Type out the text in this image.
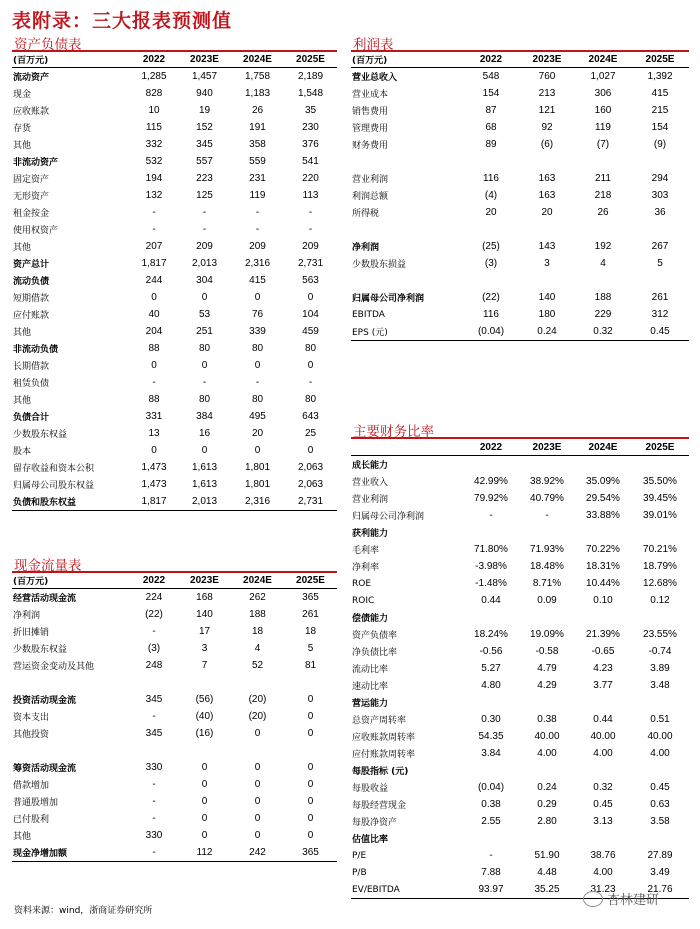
表附录：三大报表预测值
资产负债表
(百万元)	2022	2023E	2024E	2025E
流动资产	1,285	1,457	1,758	2,189
现金	828	940	1,183	1,548
应收账款	10	19	26	35
存货	115	152	191	230
其他	332	345	358	376
非流动资产	532	557	559	541
固定资产	194	223	231	220
无形资产	132	125	119	113
租金按金	-	-	-	-
使用权资产	-	-	-	-
其他	207	209	209	209
资产总计	1,817	2,013	2,316	2,731
流动负债	244	304	415	563
短期借款	0	0	0	0
应付账款	40	53	76	104
其他	204	251	339	459
非流动负债	88	80	80	80
长期借款	0	0	0	0
租赁负债	-	-	-	-
其他	88	80	80	80
负债合计	331	384	495	643
少数股东权益	13	16	20	25
股本	0	0	0	0
留存收益和资本公积	1,473	1,613	1,801	2,063
归属母公司股东权益	1,473	1,613	1,801	2,063
负债和股东权益	1,817	2,013	2,316	2,731
利润表
(百万元)	2022	2023E	2024E	2025E
营业总收入	548	760	1,027	1,392
营业成本	154	213	306	415
销售费用	87	121	160	215
管理费用	68	92	119	154
财务费用	89	(6)	(7)	(9)

营业利润	116	163	211	294
利润总额	(4)	163	218	303
所得税	20	20	26	36

净利润	(25)	143	192	267
少数股东损益	(3)	3	4	5

归属母公司净利润	(22)	140	188	261
EBITDA	116	180	229	312
EPS (元)	(0.04)	0.24	0.32	0.45
主要财务比率
	2022	2023E	2024E	2025E
成长能力				
营业收入	42.99%	38.92%	35.09%	35.50%
营业利润	79.92%	40.79%	29.54%	39.45%
归属母公司净利润	-	-	33.88%	39.01%
获利能力				
毛利率	71.80%	71.93%	70.22%	70.21%
净利率	-3.98%	18.48%	18.31%	18.79%
ROE	-1.48%	8.71%	10.44%	12.68%
ROIC	0.44	0.09	0.10	0.12
偿债能力				
资产负债率	18.24%	19.09%	21.39%	23.55%
净负债比率	-0.56	-0.58	-0.65	-0.74
流动比率	5.27	4.79	4.23	3.89
速动比率	4.80	4.29	3.77	3.48
营运能力				
总资产周转率	0.30	0.38	0.44	0.51
应收账款周转率	54.35	40.00	40.00	40.00
应付账款周转率	3.84	4.00	4.00	4.00
每股指标 (元)				
每股收益	(0.04)	0.24	0.32	0.45
每股经营现金	0.38	0.29	0.45	0.63
每股净资产	2.55	2.80	3.13	3.58
估值比率				
P/E	-	51.90	38.76	27.89
P/B	7.88	4.48	4.00	3.49
EV/EBITDA	93.97	35.25	31.23	21.76
现金流量表
(百万元)	2022	2023E	2024E	2025E
经营活动现金流	224	168	262	365
净利润	(22)	140	188	261
折旧摊销	-	17	18	18
少数股东权益	(3)	3	4	5
营运资金变动及其他	248	7	52	81

投资活动现金流	345	(56)	(20)	0
资本支出	-	(40)	(20)	0
其他投资	345	(16)	0	0

筹资活动现金流	330	0	0	0
借款增加	-	0	0	0
普通股增加	-	0	0	0
已付股利	-	0	0	0
其他	330	0	0	0
现金净增加额	-	112	242	365
资料来源：wind，浙商证券研究所
杏林建研
